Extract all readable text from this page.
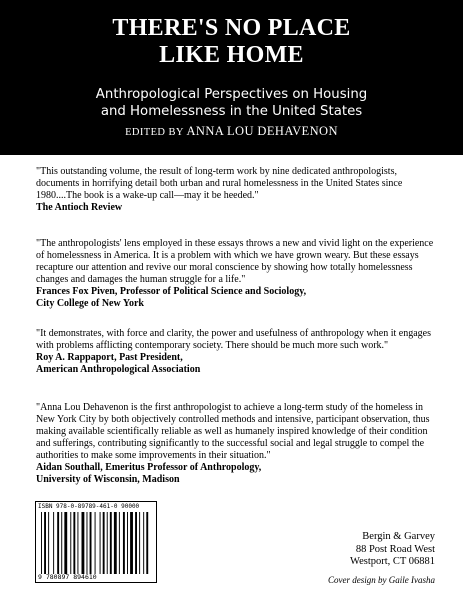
THERE'S NO PLACE
LIKE HOME
Anthropological Perspectives on Housing
and Homelessness in the United States
EDITED BY ANNA LOU DEHAVENON
"This outstanding volume, the result of long-term work by nine dedicated anthropologists, documents in horrifying detail both urban and rural homelessness in the United States since 1980....The book is a wake-up call—may it be heeded."
The Antioch Review
"The anthropologists' lens employed in these essays throws a new and vivid light on the experience of homelessness in America. It is a problem with which we have grown weary. But these essays recapture our attention and revive our moral conscience by showing how totally homelessness changes and damages the human struggle for a life."
Frances Fox Piven, Professor of Political Science and Sociology,
City College of New York
"It demonstrates, with force and clarity, the power and usefulness of anthropology when it engages with problems afflicting contemporary society. There should be much more such work."
Roy A. Rappaport, Past President,
American Anthropological Association
"Anna Lou Dehavenon is the first anthropologist to achieve a long-term study of the homeless in New York City by both objectively controlled methods and intensive, participant observation, thus making available scientifically reliable as well as humanely inspired knowledge of their condition and sufferings, contributing significantly to the successful social and legal struggle to compel the authorities to make some improvements in their situation."
Aidan Southall, Emeritus Professor of Anthropology,
University of Wisconsin, Madison
ISBN 978-0-89789-461-0 90000
9 780897 894610
Bergin & Garvey
88 Post Road West
Westport, CT 06881
Cover design by Gaile Ivasha
